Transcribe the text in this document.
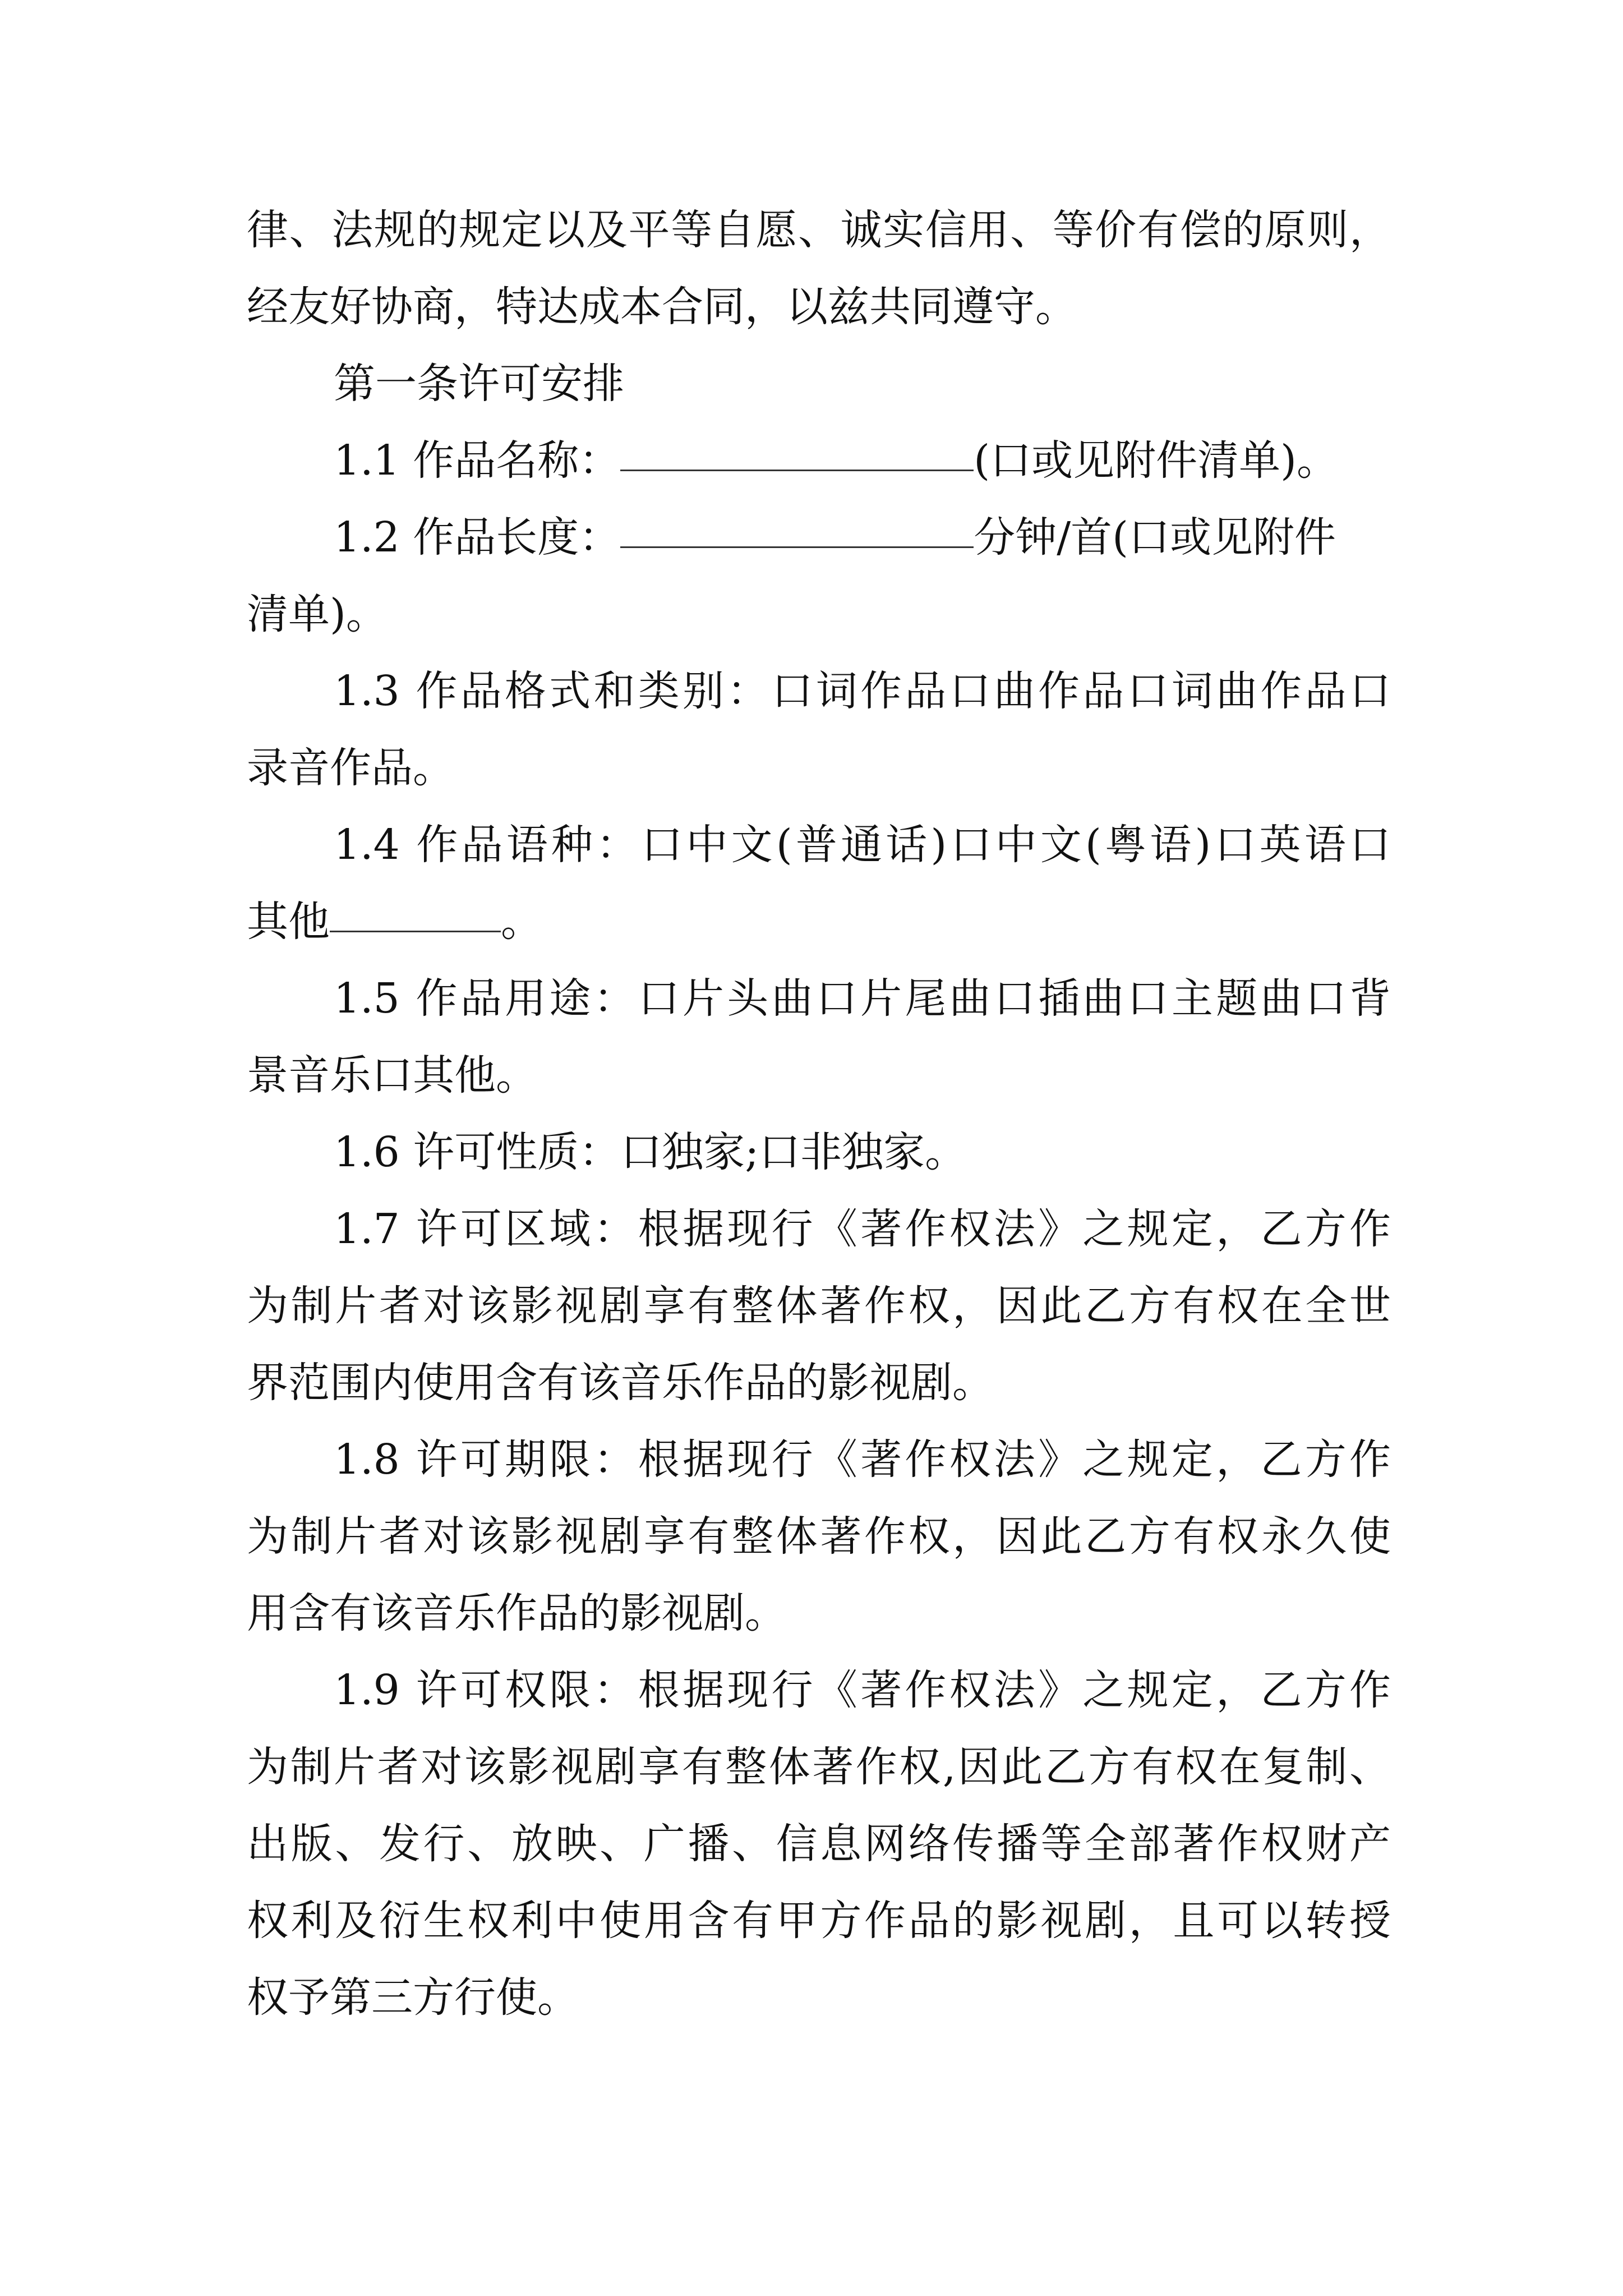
律、法规的规定以及平等自愿、诚实信用、等价有偿的原则，
经友好协商，特达成本合同，以兹共同遵守。
第一条许可安排
1.1 作品名称：	(口或见附件清单)。
1.2 作品长度：	分钟/首(口或见附件
清单)。
1.3 作品格式和类别：口词作品口曲作品口词曲作品口
录音作品。
1.4 作品语种：口中文(普通话)口中文(粤语)口英语口
其他	。
1.5 作品用途：口片头曲口片尾曲口插曲口主题曲口背
景音乐口其他。
1.6 许可性质：口独家;口非独家。
1.7 许可区域：根据现行《著作权法》之规定，乙方作
为制片者对该影视剧享有整体著作权，因此乙方有权在全世
界范围内使用含有该音乐作品的影视剧。
1.8 许可期限：根据现行《著作权法》之规定，乙方作
为制片者对该影视剧享有整体著作权，因此乙方有权永久使
用含有该音乐作品的影视剧。
1.9 许可权限：根据现行《著作权法》之规定，乙方作
为制片者对该影视剧享有整体著作权,因此乙方有权在复制、
出版、发行、放映、广播、信息网络传播等全部著作权财产
权利及衍生权利中使用含有甲方作品的影视剧，且可以转授
权予第三方行使。
